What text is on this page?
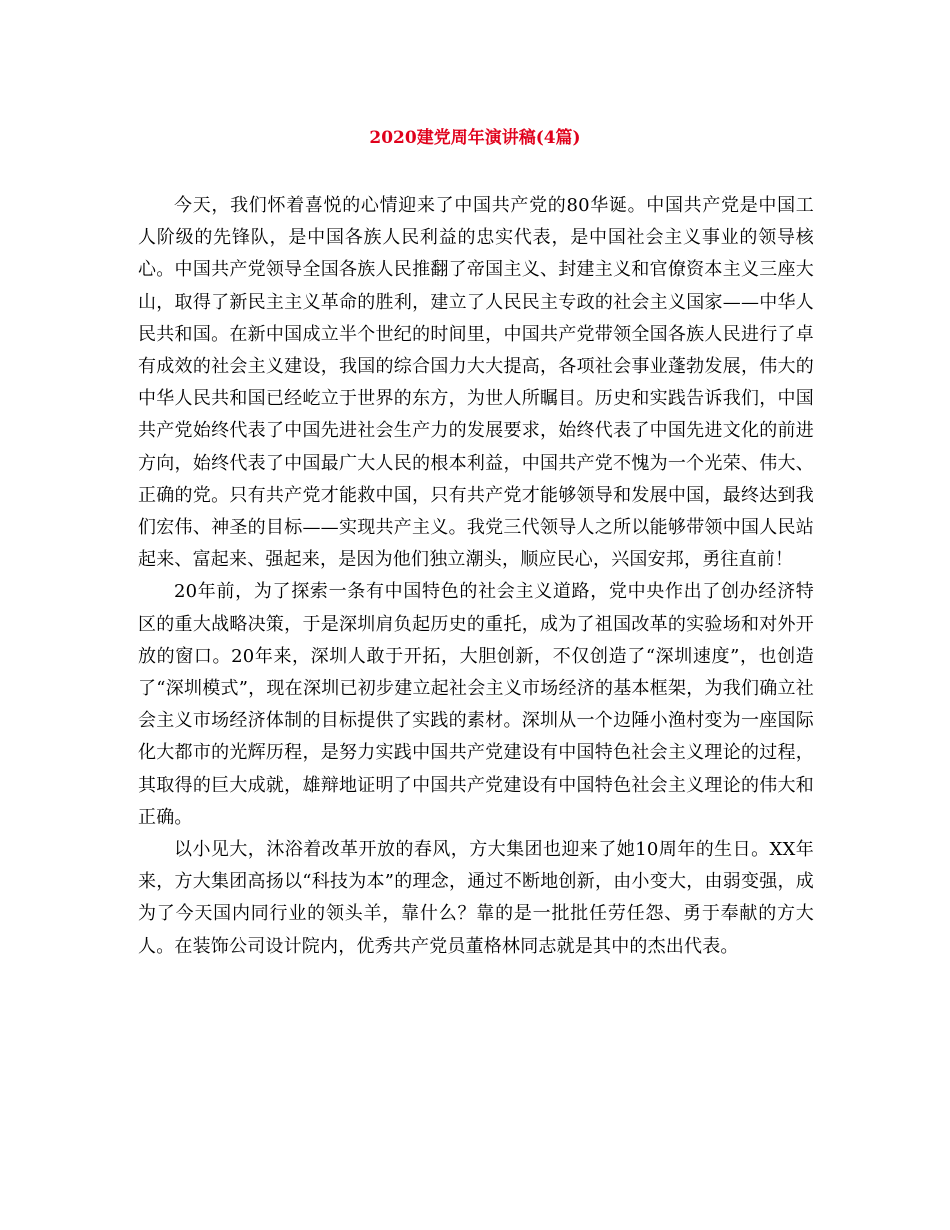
2020建党周年演讲稿(4篇)

今天，我们怀着喜悦的心情迎来了中国共产党的80华诞。中国共产党是中国工人阶级的先锋队，是中国各族人民利益的忠实代表，是中国社会主义事业的领导核心。中国共产党领导全国各族人民推翻了帝国主义、封建主义和官僚资本主义三座大山，取得了新民主主义革命的胜利，建立了人民民主专政的社会主义国家——中华人民共和国。在新中国成立半个世纪的时间里，中国共产党带领全国各族人民进行了卓有成效的社会主义建设，我国的综合国力大大提高，各项社会事业蓬勃发展，伟大的中华人民共和国已经屹立于世界的东方，为世人所瞩目。历史和实践告诉我们，中国共产党始终代表了中国先进社会生产力的发展要求，始终代表了中国先进文化的前进方向，始终代表了中国最广大人民的根本利益，中国共产党不愧为一个光荣、伟大、正确的党。只有共产党才能救中国，只有共产党才能够领导和发展中国，最终达到我们宏伟、神圣的目标——实现共产主义。我党三代领导人之所以能够带领中国人民站起来、富起来、强起来，是因为他们独立潮头，顺应民心，兴国安邦，勇往直前！

20年前，为了探索一条有中国特色的社会主义道路，党中央作出了创办经济特区的重大战略决策，于是深圳肩负起历史的重托，成为了祖国改革的实验场和对外开放的窗口。20年来，深圳人敢于开拓，大胆创新，不仅创造了“深圳速度”，也创造了“深圳模式”，现在深圳已初步建立起社会主义市场经济的基本框架，为我们确立社会主义市场经济体制的目标提供了实践的素材。深圳从一个边陲小渔村变为一座国际化大都市的光辉历程，是努力实践中国共产党建设有中国特色社会主义理论的过程，其取得的巨大成就，雄辩地证明了中国共产党建设有中国特色社会主义理论的伟大和正确。

以小见大，沐浴着改革开放的春风，方大集团也迎来了她10周年的生日。XX年来，方大集团高扬以“科技为本”的理念，通过不断地创新，由小变大，由弱变强，成为了今天国内同行业的领头羊，靠什么？靠的是一批批任劳任怨、勇于奉献的方大人。在装饰公司设计院内，优秀共产党员董格林同志就是其中的杰出代表。
